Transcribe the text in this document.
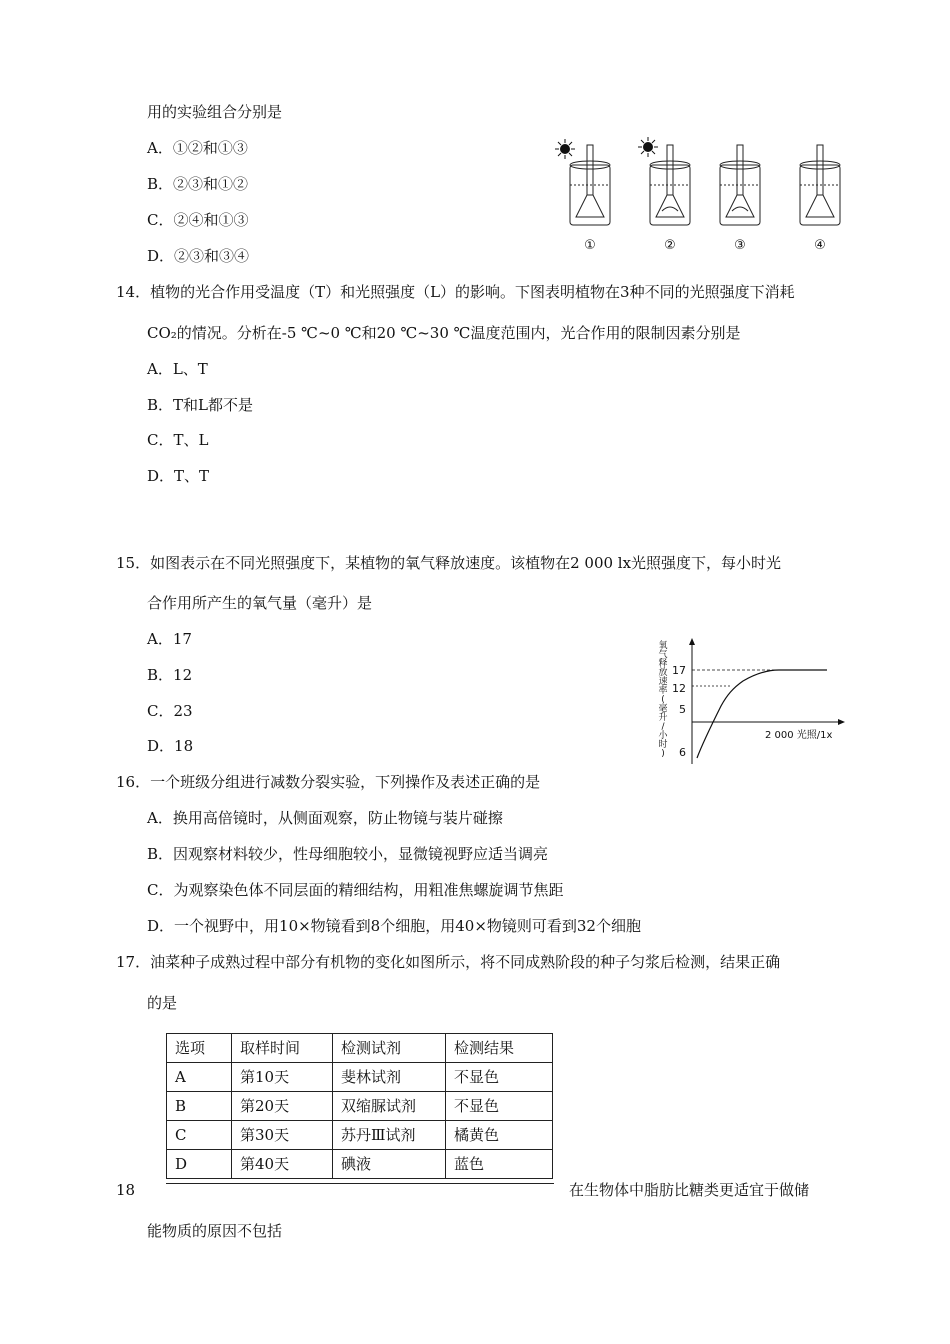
用的实验组合分别是
A．①②和①③
B．②③和①②
C．②④和①③
D．②③和③④
①	②	③	④
14．植物的光合作用受温度（T）和光照强度（L）的影响。下图表明植物在3种不同的光照强度下消耗
CO₂的情况。分析在-5 ℃~0 ℃和20 ℃~30 ℃温度范围内，光合作用的限制因素分别是
A．L、T
B．T和L都不是
C．T、L
D．T、T
15．如图表示在不同光照强度下，某植物的氧气释放速度。该植物在2 000 lx光照强度下，每小时光
合作用所产生的氧气量（毫升）是
A．17
B．12
C．23
D．18
氧
气
释
放
速
率
(
毫
升
/
小
时
)
17
12
5
6
2 000 光照/1x
16．一个班级分组进行减数分裂实验，下列操作及表述正确的是
A．换用高倍镜时，从侧面观察，防止物镜与装片碰擦
B．因观察材料较少，性母细胞较小，显微镜视野应适当调亮
C．为观察染色体不同层面的精细结构，用粗准焦螺旋调节焦距
D．一个视野中，用10×物镜看到8个细胞，用40×物镜则可看到32个细胞
17．油菜种子成熟过程中部分有机物的变化如图所示，将不同成熟阶段的种子匀浆后检测，结果正确
的是
选项	取样时间	检测试剂	检测结果
A	第10天	斐林试剂	不显色
B	第20天	双缩脲试剂	不显色
C	第30天	苏丹Ⅲ试剂	橘黄色
D	第40天	碘液	蓝色
18	在生物体中脂肪比糖类更适宜于做储
能物质的原因不包括
